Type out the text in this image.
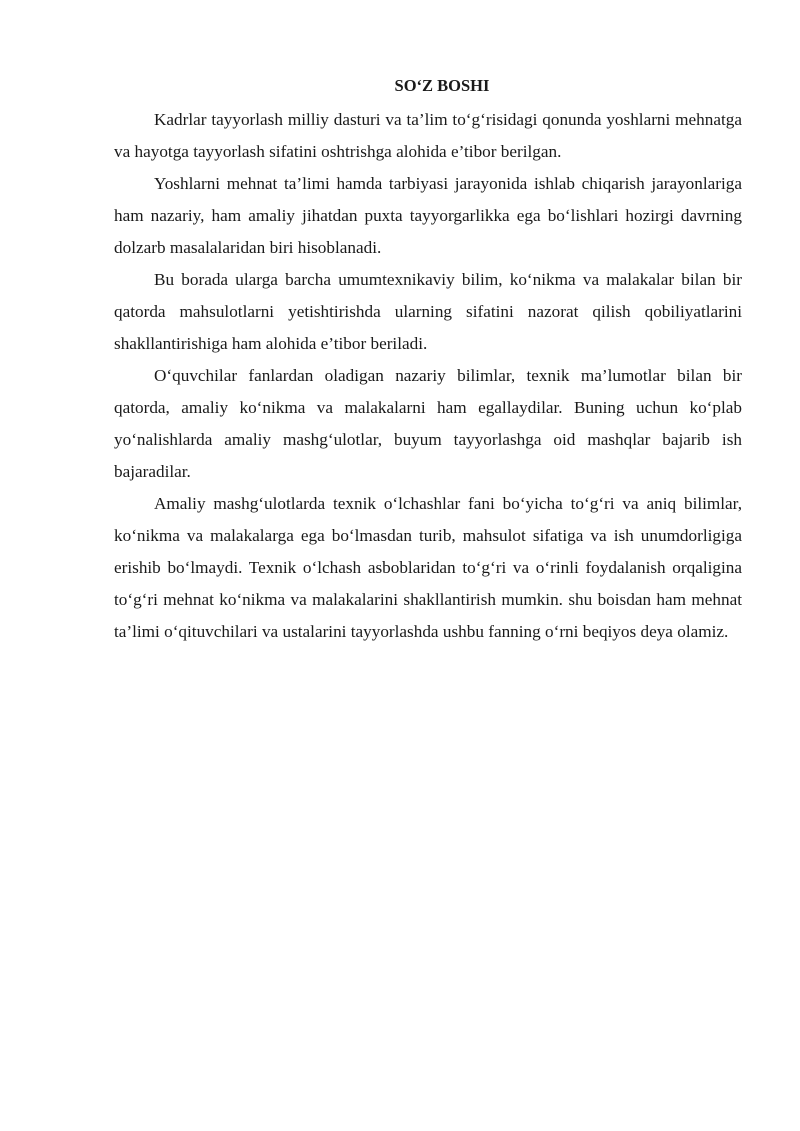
SO‘Z BOSHI

Kadrlar tayyorlash milliy dasturi va ta’lim to‘g‘risidagi qonunda yoshlarni mehnatga va hayotga tayyorlash sifatini oshtrishga alohida e’tibor berilgan.

Yoshlarni mehnat ta’limi hamda tarbiyasi jarayonida ishlab chiqarish jarayonlariga ham nazariy, ham amaliy jihatdan puxta tayyorgarlikka ega bo‘lishlari hozirgi davrning dolzarb masalalaridan biri hisoblanadi.

Bu borada ularga barcha umumtexnikaviy bilim, ko‘nikma va malakalar bilan bir qatorda mahsulotlarni yetishtirishda ularning sifatini nazorat qilish qobiliyatlarini shakllantirishiga ham alohida e’tibor beriladi.

O‘quvchilar fanlardan oladigan nazariy bilimlar, texnik ma’lumotlar bilan bir qatorda, amaliy ko‘nikma va malakalarni ham egallaydilar. Buning uchun ko‘plab yo‘nalishlarda amaliy mashg‘ulotlar, buyum tayyorlashga oid mashqlar bajarib ish bajaradilar.

Amaliy mashg‘ulotlarda texnik o‘lchashlar fani bo‘yicha to‘g‘ri va aniq bilimlar, ko‘nikma va malakalarga ega bo‘lmasdan turib, mahsulot sifatiga va ish unumdorligiga erishib bo‘lmaydi. Texnik o‘lchash asboblaridan to‘g‘ri va o‘rinli foydalanish orqaligina to‘g‘ri mehnat ko‘nikma va malakalarini shakllantirish mumkin. shu boisdan ham mehnat ta’limi o‘qituvchilari va ustalarini tayyorlashda ushbu fanning o‘rni beqiyos deya olamiz.
